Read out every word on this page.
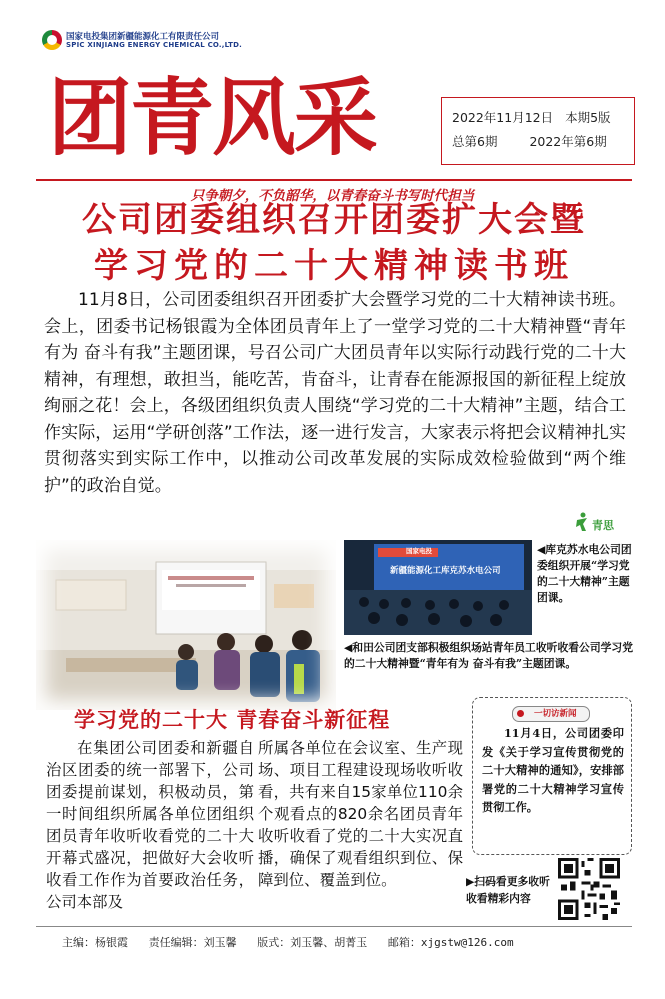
国家电投集团新疆能源化工有限责任公司
SPIC XINJIANG ENERGY CHEMICAL CO.,LTD.
团青风采	2022年11月12日 本期5版
总第6期	2022年第6期
只争朝夕，不负韶华，以青春奋斗书写时代担当
公司团委组织召开团委扩大会暨
学习党的二十大精神读书班
11月8日，公司团委组织召开团委扩大会暨学习党的二十大精神读书班。会上，团委书记杨银霞为全体团员青年上了一堂学习党的二十大精神暨“青年有为 奋斗有我”主题团课，号召公司广大团员青年以实际行动践行党的二十大精神，有理想，敢担当，能吃苦，肯奋斗，让青春在能源报国的新征程上绽放绚丽之花！会上，各级团组织负责人围绕“学习党的二十大精神”主题，结合工作实际，运用“学研创落”工作法，逐一进行发言，大家表示将把会议精神扎实贯彻落实到实际工作中，以推动公司改革发展的实际成效检验做到“两个维护”的政治自觉。
国家电投
新疆能源化工库克苏水电公司
青思
◀库克苏水电公司团委组织开展“学习党的二十大精神”主题团课。
◀和田公司团支部积极组织场站青年员工收听收看公司学习党的二十大精神暨“青年有为 奋斗有我”主题团课。
学习党的二十大 青春奋斗新征程
在集团公司团委和新疆自治区团委的统一部署下，公司团委提前谋划，积极动员，第一时间组织所属各单位团组织团员青年收听收看党的二十大开幕式盛况，把做好大会收听收看工作作为首要政治任务，公司本部及
所属各单位在会议室、生产现场、项目工程建设现场收听收看，共有来自15家单位110余个观看点的820余名团员青年收听收看了党的二十大实况直播，确保了观看组织到位、保障到位、覆盖到位。
一切访新闻
11月4日，公司团委印发《关于学习宣传贯彻党的二十大精神的通知》，安排部署党的二十大精神学习宣传贯彻工作。
▶扫码看更多收听收看精彩内容
主编：杨银霞 责任编辑：刘玉馨 版式：刘玉馨、胡菁玉 邮箱：xjgstw@126.com
